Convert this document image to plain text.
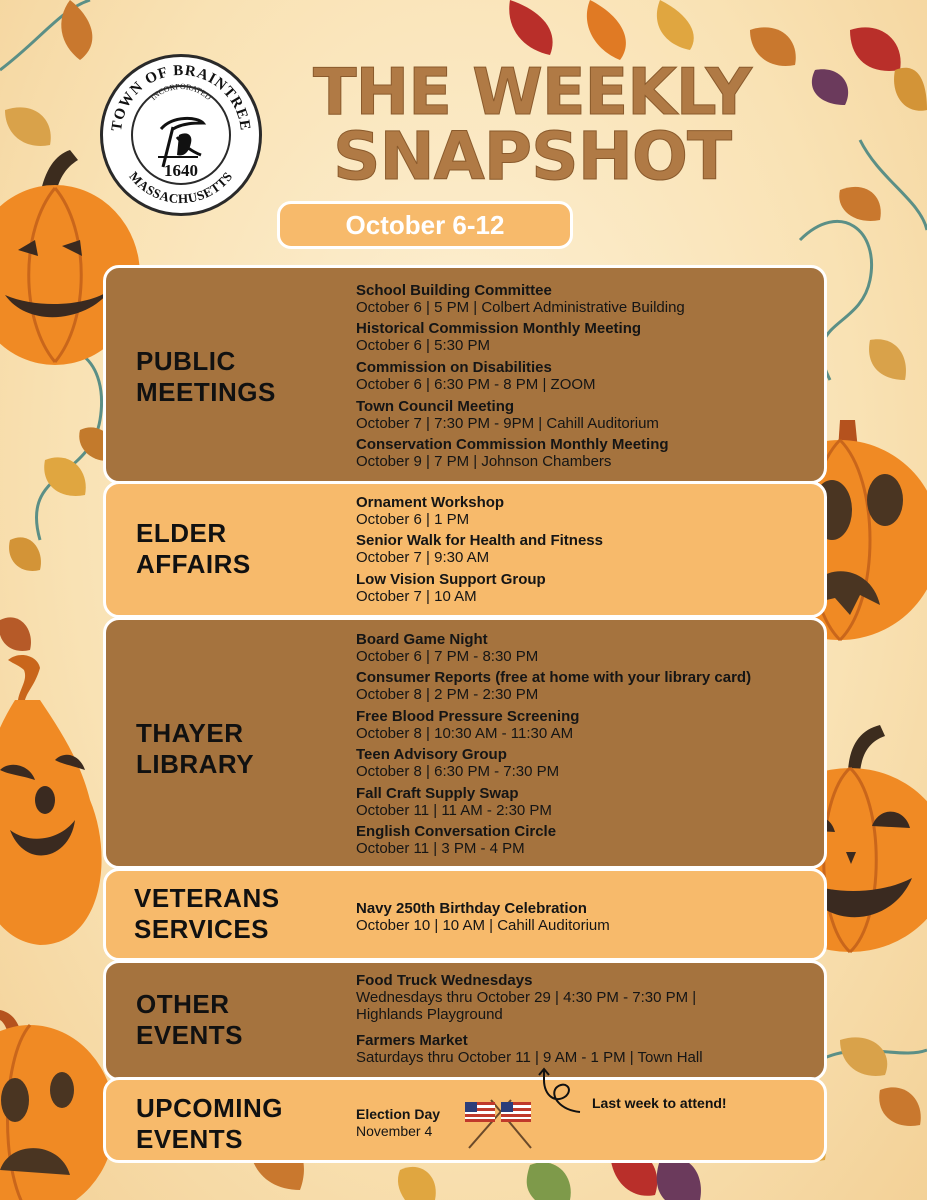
TOWN OF BRAINTREE
MASSACHUSETTS
INCORPORATED
1640
THE WEEKLY
SNAPSHOT
October 6-12
PUBLIC
MEETINGS
School Building Committee
October 6 | 5 PM | Colbert Administrative Building
Historical Commission Monthly Meeting
October 6 | 5:30 PM
Commission on Disabilities
October 6 | 6:30 PM - 8 PM | ZOOM
Town Council Meeting
October 7 | 7:30 PM - 9PM | Cahill Auditorium
Conservation Commission Monthly Meeting
October 9 | 7 PM | Johnson Chambers
ELDER
AFFAIRS
Ornament Workshop
October 6 | 1 PM
Senior Walk for Health and Fitness
October 7 | 9:30 AM
Low Vision Support Group
October 7 | 10 AM
THAYER
LIBRARY
Board Game Night
October 6 | 7 PM - 8:30 PM
Consumer Reports (free at home with your library card)
October 8 | 2 PM - 2:30 PM
Free Blood Pressure Screening
October 8 | 10:30 AM - 11:30 AM
Teen Advisory Group
October 8 | 6:30 PM - 7:30 PM
Fall Craft Supply Swap
October 11 | 11 AM - 2:30 PM
English Conversation Circle
October 11 | 3 PM - 4 PM
VETERANS
SERVICES
Navy 250th Birthday Celebration
October 10 | 10 AM | Cahill Auditorium
OTHER
EVENTS
Food Truck Wednesdays
Wednesdays thru October 29 | 4:30 PM - 7:30 PM |
Highlands Playground
Farmers Market
Saturdays thru October 11 | 9 AM - 1 PM | Town Hall
UPCOMING
EVENTS
Election Day
November 4
Last week to attend!
